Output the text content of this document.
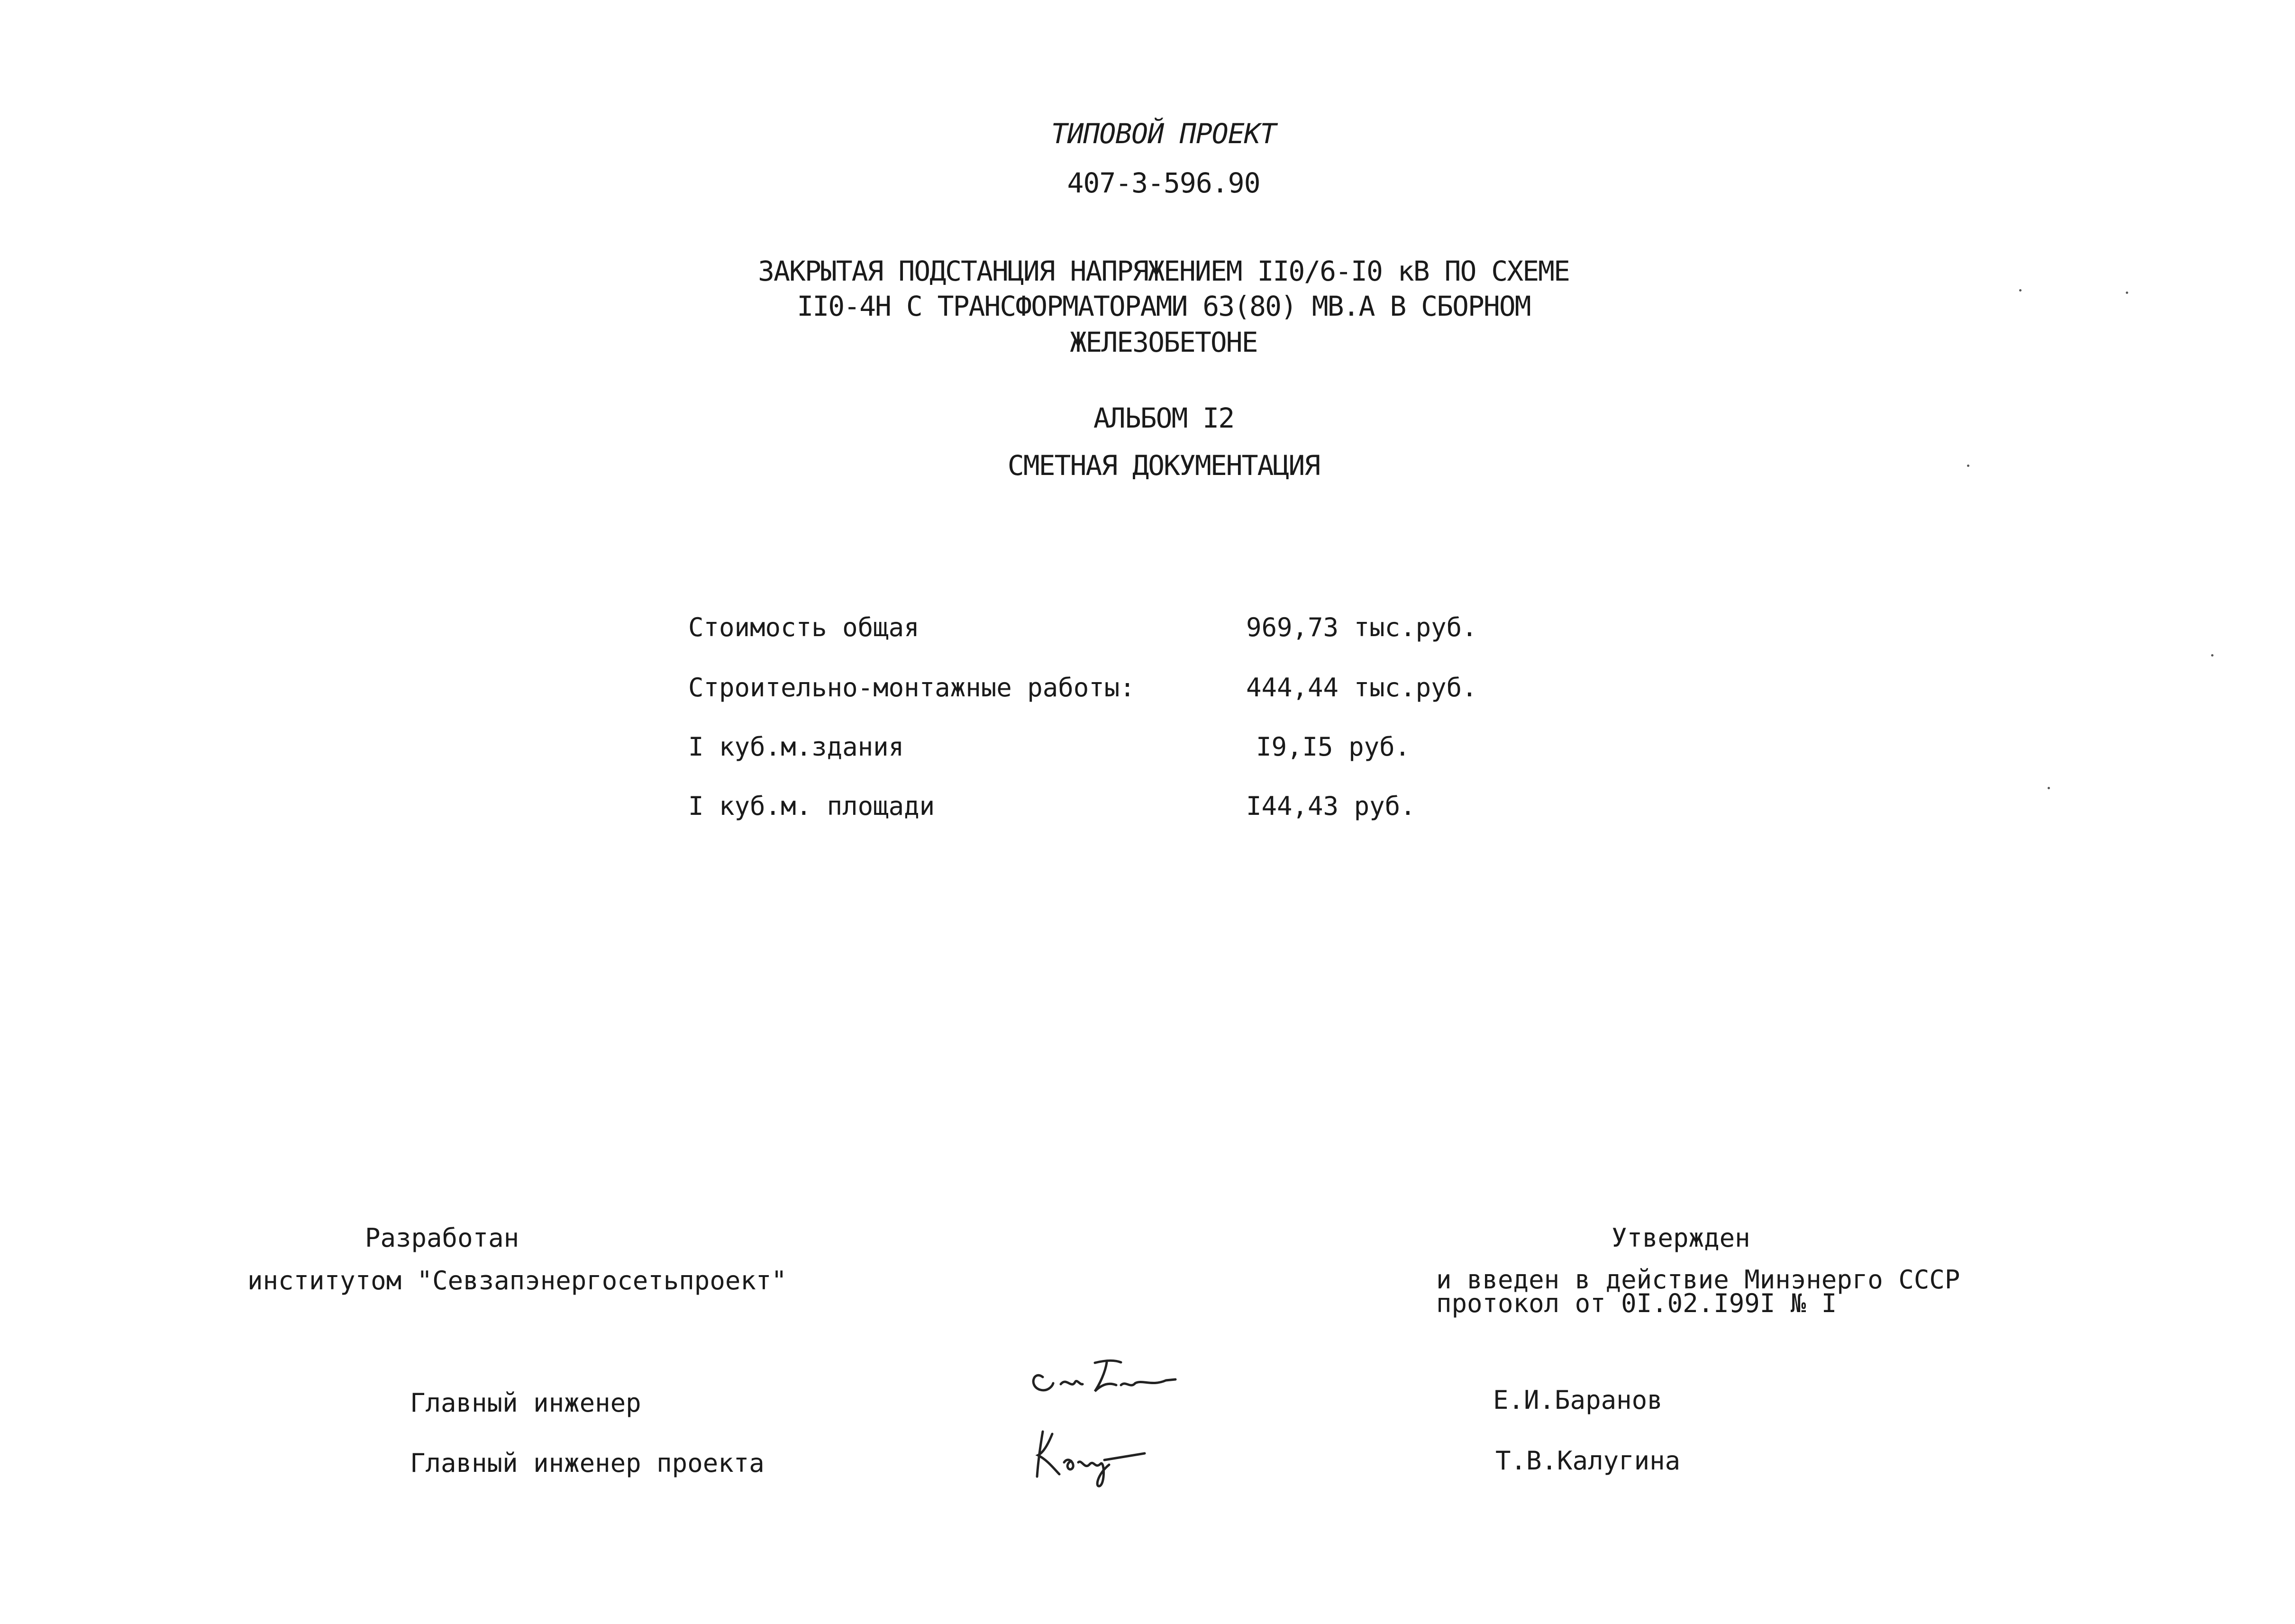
ТИПОВОЙ ПРОЕКТ
407-3-596.90
ЗАКРЫТАЯ ПОДСТАНЦИЯ НАПРЯЖЕНИЕМ II0/6-I0 кВ ПО СХЕМЕ
II0-4Н С ТРАНСФОРМАТОРАМИ 63(80) МВ.А В СБОРНОМ
ЖЕЛЕЗОБЕТОНЕ
АЛЬБОМ I2
СМЕТНАЯ ДОКУМЕНТАЦИЯ
Стоимость общая	969,73 тыс.руб.
Строительно-монтажные работы:	444,44 тыс.руб.
I куб.м.здания	I9,I5 руб.
I куб.м. площади	I44,43 руб.
Разработан
институтом "Севзапэнергосетьпроект"
Утвержден
и введен в действие Минэнерго СССР
протокол от 0I.02.I99I № I
Главный инженер	Е.И.Баранов
Главный инженер проекта	Т.В.Калугина
